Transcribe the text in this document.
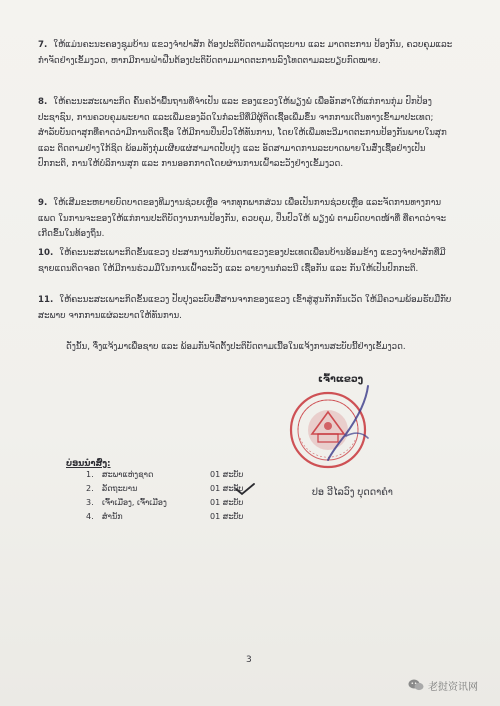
7. ໃຫ້ແມ່ນຄະນະຄອງຊຸມບ້ານ ແຂວງຈຳປາສັກ ຕ້ອງປະຕິບັດຕາມລັດຖະບານ ແລະ ມາດຕະການ ປ້ອງກັນ, ຄວບຄຸມແລະກຳຈັດຢ່າງເຂັ້ມງວດ, ຫາກມີການຝ່າຝືນຕ້ອງປະຕິບັດຕາມມາດຕະການລົງໂທດຕາມລະບຽບກົດໝາຍ.
8. ໃຫ້ຄະນະສະເພາະກິດ ຄົ້ນຄວ້າພື້ນຖານທີ່ຈຳເປັນ ແລະ ຂອງແຂວງໃຫ້ພຽງພໍ ເພື່ອອັກສາໃຫ້ແກ່ການກຸ່ມ ປົກປ້ອງປະຊາຊົນ, ການຄວບຄຸມພະຍາດ ແລະເພີ່ມຂອງລັດໃນກໍລະນີທີ່ມີຜູ້ຕິດເຊື້ອເພີ່ມຂຶ້ນ ຈາກການເດີນທາງເຂົ້າມາປະເທດ; ສຳລັບບັນດາສຸກທີ່ຄາດວ່າມີການຕິດເຊື້ອ ໃຫ້ມີການປິ່ນປົວໃຫ້ທັນການ, ໂດຍໃຫ້ເພີ່ມທະວີມາດຕະການປ້ອງກັນພາຍໃນສຸກ ແລະ ຕິດຕາມຢ່າງໃກ້ຊິດ ພ້ອມທັງກຸ່ມເຜີຍແຜ່ສາມາດປັບປຸງ ແລະ ອັດສາມາດການລະບາດພາຍໃນສົ່ງເຊື້ອຢ່າງເປັນປົກກະຕິ, ການໃຫ້ບໍລິການສຸກ ແລະ ການອອກກາດໂດຍຜ່ານການເຝົ້າລະວັງຢ່າງເຂັ້ມງວດ.
9. ໃຫ້ເສີມຂະຫຍາຍບົດບາດຂອງທີມງານຊ່ວຍເຫຼືອ ຈາກທຸກພາກສ່ວນ ເພື່ອເປັນການຊ່ວຍເຫຼືອ ແລະຈັດການທາງການແພດ ໃນການຈະຂອງໃຫ້ແກ່ການປະຕິບັດງານການປ້ອງກັນ, ຄວບຄຸມ, ປິ່ນປົວໃຫ້ ພຽງພໍ ຕາມບົດບາດໜ້າທີ່ ທີ່ຄາດວ່າຈະເກີດຂຶ້ນໃນທ້ອງຖິ່ນ.
10. ໃຫ້ຄະນະສະເພາະກິດຂັ້ນແຂວງ ປະສານງານກັບບັນດາແຂວງຂອງປະເທດເພື່ອນບ້ານອ້ອມຂ້າງ ແຂວງຈຳປາສັກທີ່ມີຊາຍແດນຕິດຈອດ ໃຫ້ມີການຮ່ວມມືໃນການເຝົ້າລະວັງ ແລະ ລາຍງານກໍລະນີ ເຊື້ອກັນ ແລະ ກັນໃຫ້ເປັນປົກກະຕິ.
11. ໃຫ້ຄະນະສະເພາະກິດຂັ້ນແຂວງ ປັບປຸງລະບົບສື່ສານຈາກຂອງແຂວງ ເຂົ້າສູ່ສູນກັກກັນເວັດ ໃຫ້ມີຄວາມພ້ອມຮັບມືກັບສະພາບ ຈາກການແຜ່ລະບາດໃຫ້ທັນການ.
ດັ່ງນັ້ນ, ຈຶ່ງແຈ້ງມາເພື່ອຊາບ ແລະ ພ້ອມກັນຈັດຕັ້ງປະຕິບັດຕາມເນື້ອໃນແຈ້ງການສະບັບນີ້ຢ່າງເຂັ້ມງວດ.
ເຈົ້າແຂວງ
ປອ ວີໄລວົງ ບຸດດາຄຳ
ບ່ອນນຳສົ່ງ:
1.	ສະພາແຫ່ງຊາດ	01 ສະບັບ
2.	ລັດຖະບານ	01 ສະບັບ
3.	ເຈົ້າເມືອງ, ເຈົ້າເມືອງ	01 ສະບັບ
4.	ສຳນັກ	01 ສະບັບ
3
老挝资讯网
